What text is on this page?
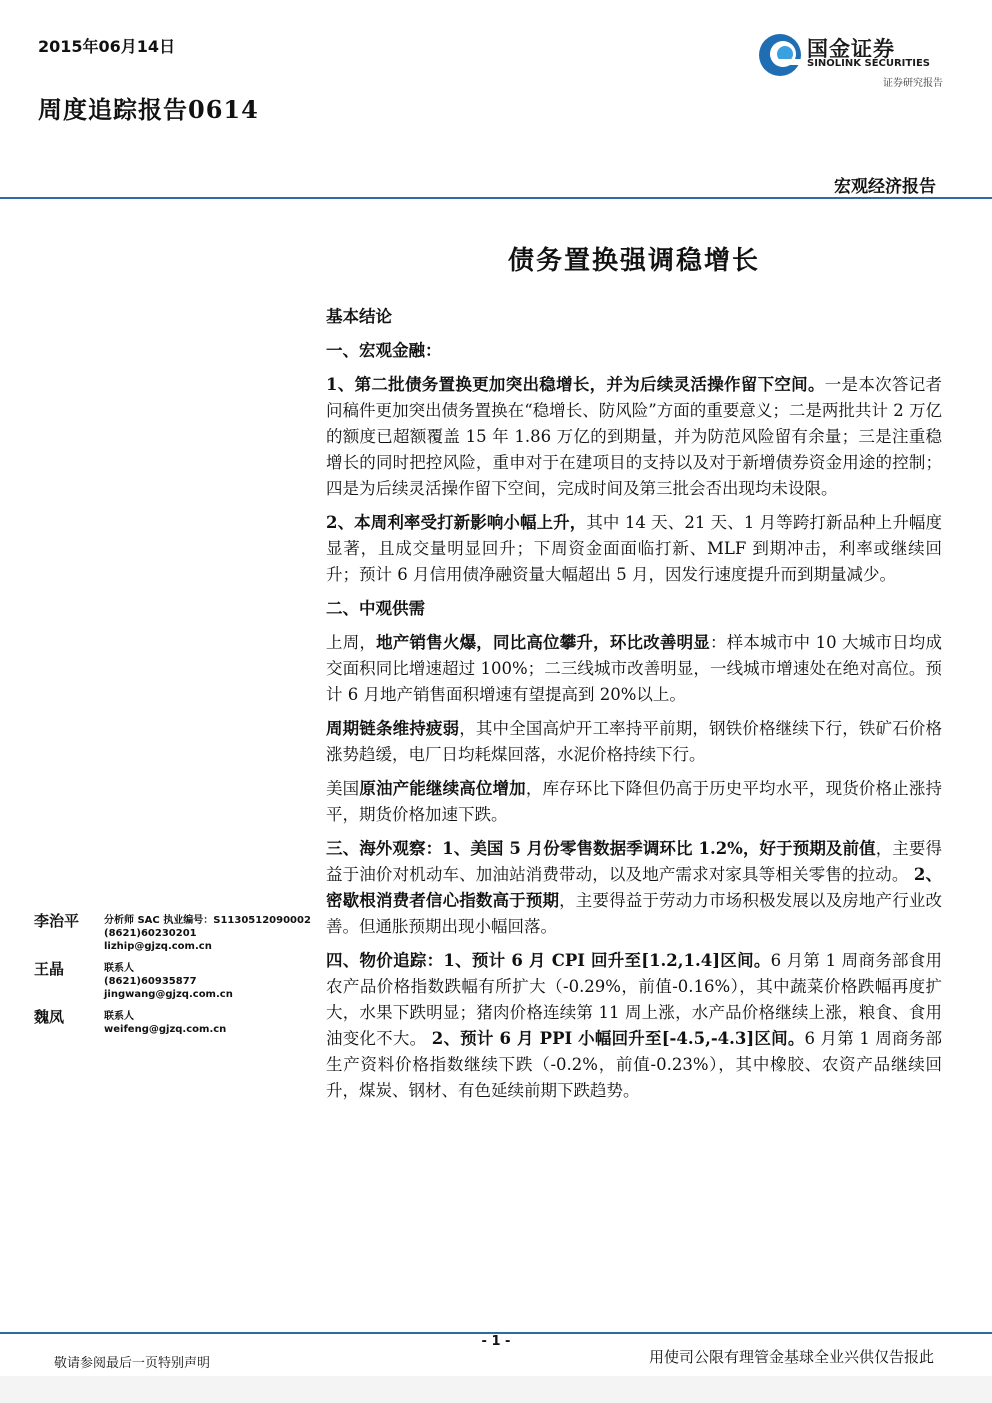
2015年06月14日
周度追踪报告0614
国金证券
SINOLINK SECURITIES
证券研究报告
宏观经济报告
债务置换强调稳增长

基本结论

一、宏观金融：

1、第二批债务置换更加突出稳增长，并为后续灵活操作留下空间。一是本次答记者问稿件更加突出债务置换在“稳增长、防风险”方面的重要意义；二是两批共计 2 万亿的额度已超额覆盖 15 年 1.86 万亿的到期量，并为防范风险留有余量；三是注重稳增长的同时把控风险，重申对于在建项目的支持以及对于新增债券资金用途的控制；四是为后续灵活操作留下空间，完成时间及第三批会否出现均未设限。

2、本周利率受打新影响小幅上升，其中 14 天、21 天、1 月等跨打新品种上升幅度显著，且成交量明显回升；下周资金面面临打新、MLF 到期冲击，利率或继续回升；预计 6 月信用债净融资量大幅超出 5 月，因发行速度提升而到期量减少。

二、中观供需

上周，地产销售火爆，同比高位攀升，环比改善明显：样本城市中 10 大城市日均成交面积同比增速超过 100%；二三线城市改善明显，一线城市增速处在绝对高位。预计 6 月地产销售面积增速有望提高到 20%以上。

周期链条维持疲弱，其中全国高炉开工率持平前期，钢铁价格继续下行，铁矿石价格涨势趋缓，电厂日均耗煤回落，水泥价格持续下行。

美国原油产能继续高位增加，库存环比下降但仍高于历史平均水平，现货价格止涨持平，期货价格加速下跌。

三、海外观察：1、美国 5 月份零售数据季调环比 1.2%，好于预期及前值，主要得益于油价对机动车、加油站消费带动，以及地产需求对家具等相关零售的拉动。 2、密歇根消费者信心指数高于预期，主要得益于劳动力市场积极发展以及房地产行业改善。但通胀预期出现小幅回落。

四、物价追踪：1、预计 6 月 CPI 回升至[1.2,1.4]区间。6 月第 1 周商务部食用农产品价格指数跌幅有所扩大（-0.29%，前值-0.16%），其中蔬菜价格跌幅再度扩大，水果下跌明显；猪肉价格连续第 11 周上涨，水产品价格继续上涨，粮食、食用油变化不大。 2、预计 6 月 PPI 小幅回升至[-4.5,-4.3]区间。6 月第 1 周商务部生产资料价格指数继续下跌（-0.2%，前值-0.23%），其中橡胶、农资产品继续回升，煤炭、钢材、有色延续前期下跌趋势。

李治平 分析师 SAC 执业编号：S1130512090002
(8621)60230201
lizhip@gjzq.com.cn
王晶	联系人
(8621)60935877
jingwang@gjzq.com.cn
魏凤	联系人
weifeng@gjzq.com.cn
- 1 -
敬请参阅最后一页特别声明	用使司公限有理管金基球全业兴供仅告报此
